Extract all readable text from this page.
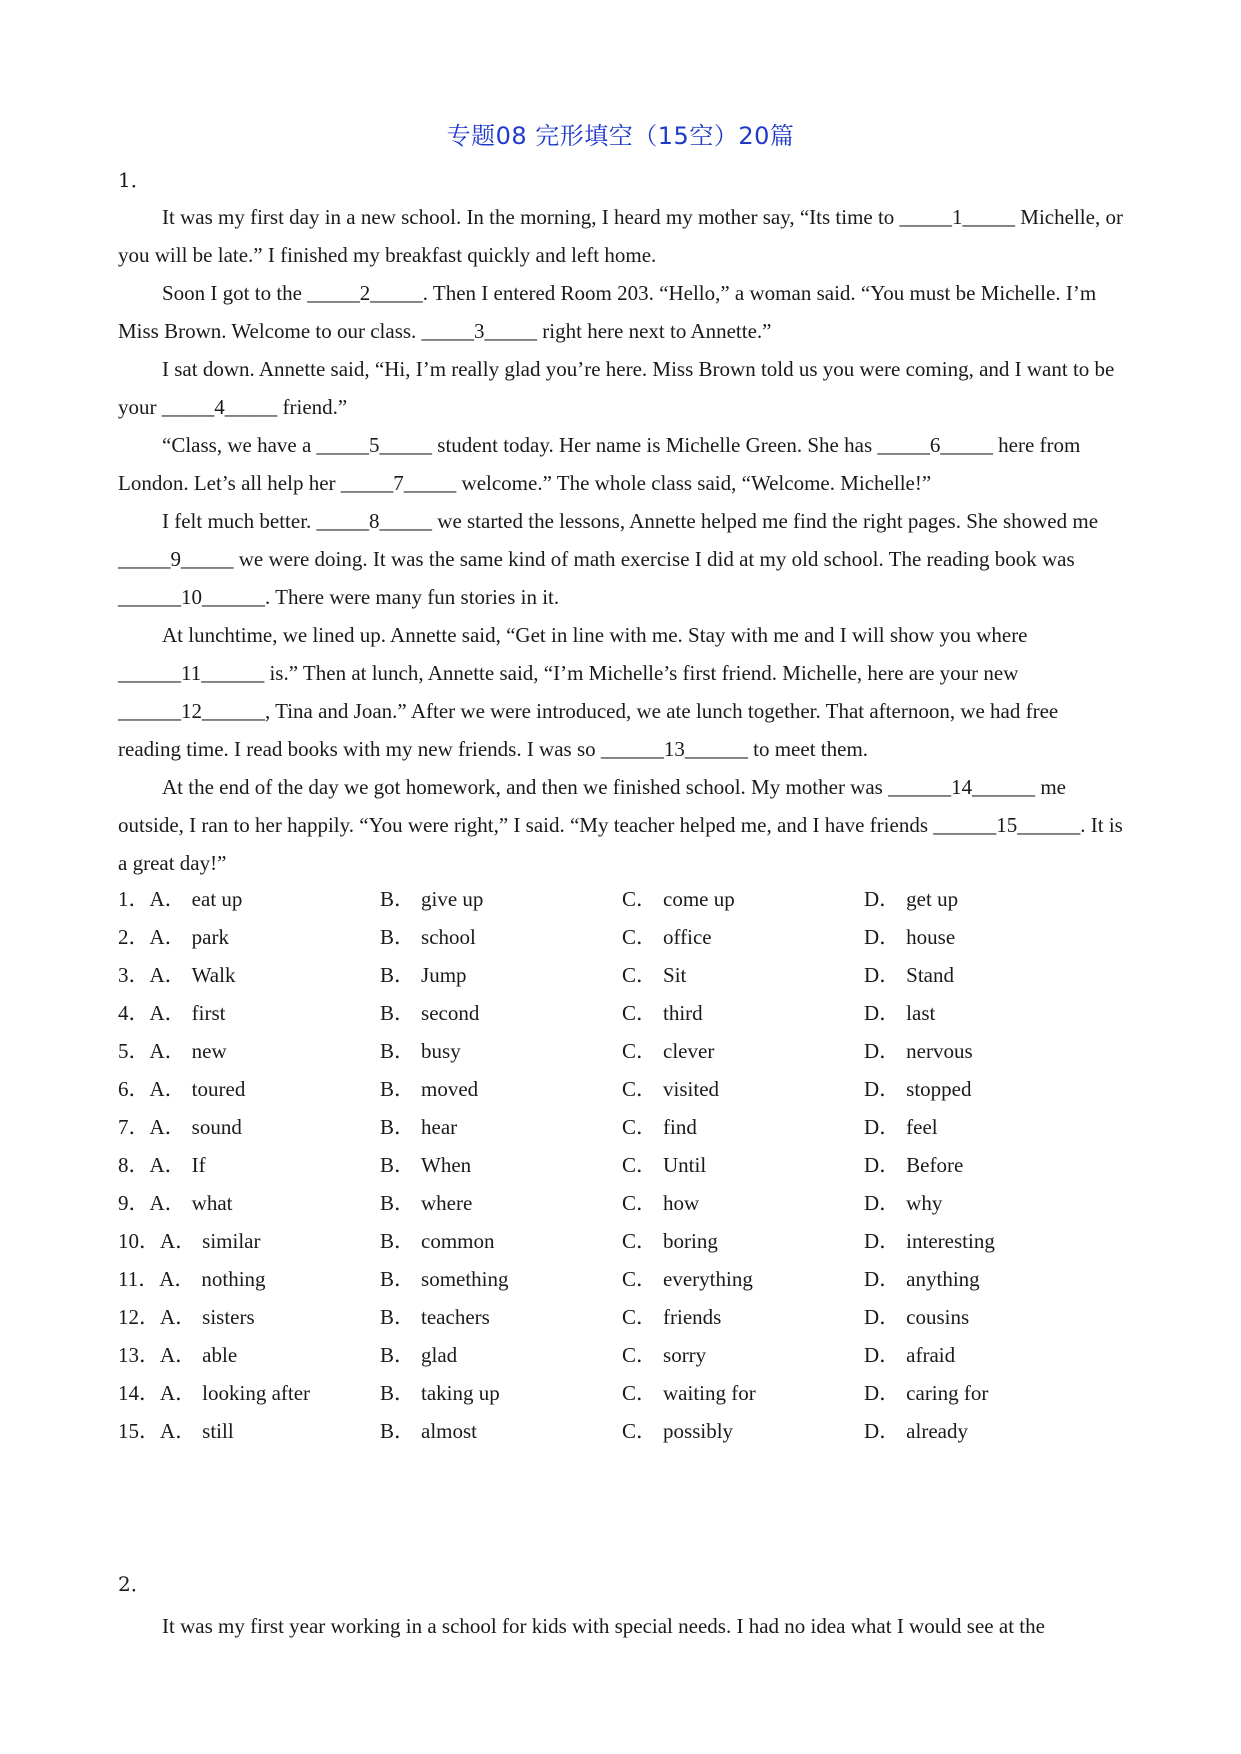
专题08 完形填空（15空）20篇
1．

It was my first day in a new school. In the morning, I heard my mother say, “Its time to _____1_____ Michelle, or you will be late.” I finished my breakfast quickly and left home.

Soon I got to the _____2_____. Then I entered Room 203. “Hello,” a woman said. “You must be Michelle. I’m Miss Brown. Welcome to our class. _____3_____ right here next to Annette.”

I sat down. Annette said, “Hi, I’m really glad you’re here. Miss Brown told us you were coming, and I want to be your _____4_____ friend.”

“Class, we have a _____5_____ student today. Her name is Michelle Green. She has _____6_____ here from London. Let’s all help her _____7_____ welcome.” The whole class said, “Welcome. Michelle!”

I felt much better. _____8_____ we started the lessons, Annette helped me find the right pages. She showed me _____9_____ we were doing. It was the same kind of math exercise I did at my old school. The reading book was ______10______. There were many fun stories in it.

At lunchtime, we lined up. Annette said, “Get in line with me. Stay with me and I will show you where ______11______ is.” Then at lunch, Annette said, “I’m Michelle’s first friend. Michelle, here are your new ______12______, Tina and Joan.” After we were introduced, we ate lunch together. That afternoon, we had free reading time. I read books with my new friends. I was so ______13______ to meet them.

At the end of the day we got homework, and then we finished school. My mother was ______14______ me outside, I ran to her happily. “You were right,” I said. “My teacher helped me, and I have friends ______15______. It is a great day!”

1．A． eat up	B． give up	C． come up	D． get up
2．A． park	B． school	C． office	D． house
3．A． Walk	B． Jump	C． Sit	D． Stand
4．A． first	B． second	C． third	D． last
5．A． new	B． busy	C． clever	D． nervous
6．A． toured	B． moved	C． visited	D． stopped
7．A． sound	B． hear	C． find	D． feel
8．A． If	B． When	C． Until	D． Before
9．A． what	B． where	C． how	D． why
10．A． similar	B． common	C． boring	D． interesting
11．A． nothing	B． something	C． everything	D． anything
12．A． sisters	B． teachers	C． friends	D． cousins
13．A． able	B． glad	C． sorry	D． afraid
14．A． looking after	B． taking up	C． waiting for	D． caring for
15．A． still	B． almost	C． possibly	D． already
2．

It was my first year working in a school for kids with special needs. I had no idea what I would see at the
